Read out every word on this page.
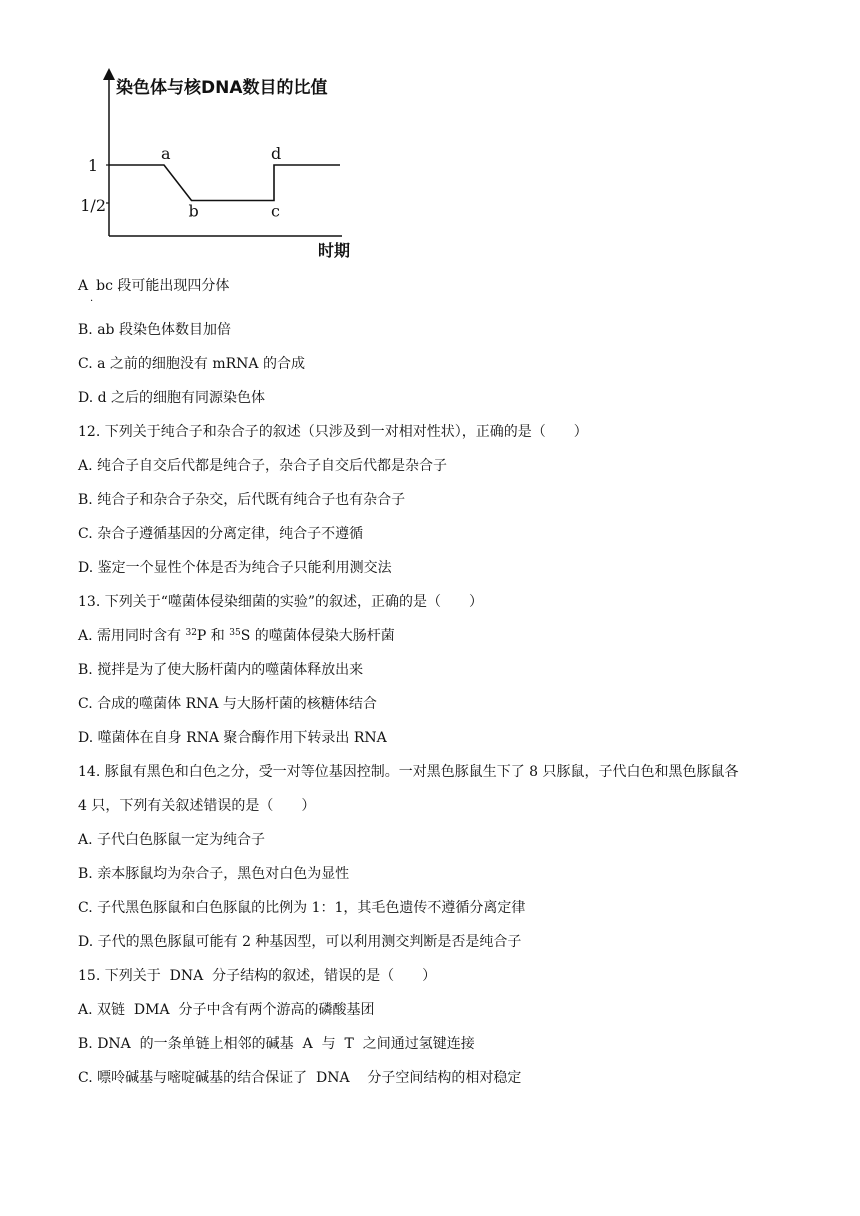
染色体与核DNA数目的比值
时期
1
1/2
a
b	c
d
A bc 段可能出现四分体
·
B. ab 段染色体数目加倍
C. a 之前的细胞没有 mRNA 的合成
D. d 之后的细胞有同源染色体
12. 下列关于纯合子和杂合子的叙述（只涉及到一对相对性状），正确的是（　　）
A. 纯合子自交后代都是纯合子，杂合子自交后代都是杂合子
B. 纯合子和杂合子杂交，后代既有纯合子也有杂合子
C. 杂合子遵循基因的分离定律，纯合子不遵循
D. 鉴定一个显性个体是否为纯合子只能利用测交法
13. 下列关于“噬菌体侵染细菌的实验”的叙述，正确的是（　　）
A. 需用同时含有 $^{32}$P 和 $^{35}$S 的噬菌体侵染大肠杆菌
B. 搅拌是为了使大肠杆菌内的噬菌体释放出来
C. 合成的噬菌体 RNA 与大肠杆菌的核糖体结合
D. 噬菌体在自身 RNA 聚合酶作用下转录出 RNA
14. 豚鼠有黑色和白色之分，受一对等位基因控制。一对黑色豚鼠生下了 8 只豚鼠，子代白色和黑色豚鼠各
4 只，下列有关叙述错误的是（　　）
A. 子代白色豚鼠一定为纯合子
B. 亲本豚鼠均为杂合子，黑色对白色为显性
C. 子代黑色豚鼠和白色豚鼠的比例为 1：1，其毛色遗传不遵循分离定律
D. 子代的黑色豚鼠可能有 2 种基因型，可以利用测交判断是否是纯合子
15. 下列关于  DNA  分子结构的叙述，错误的是（　　）
A. 双链  DMA  分子中含有两个游高的磷酸基团
B. DNA  的一条单链上相邻的碱基  A  与  T  之间通过氢键连接
C. 嘌呤碱基与嘧啶碱基的结合保证了  DNA    分子空间结构的相对稳定
